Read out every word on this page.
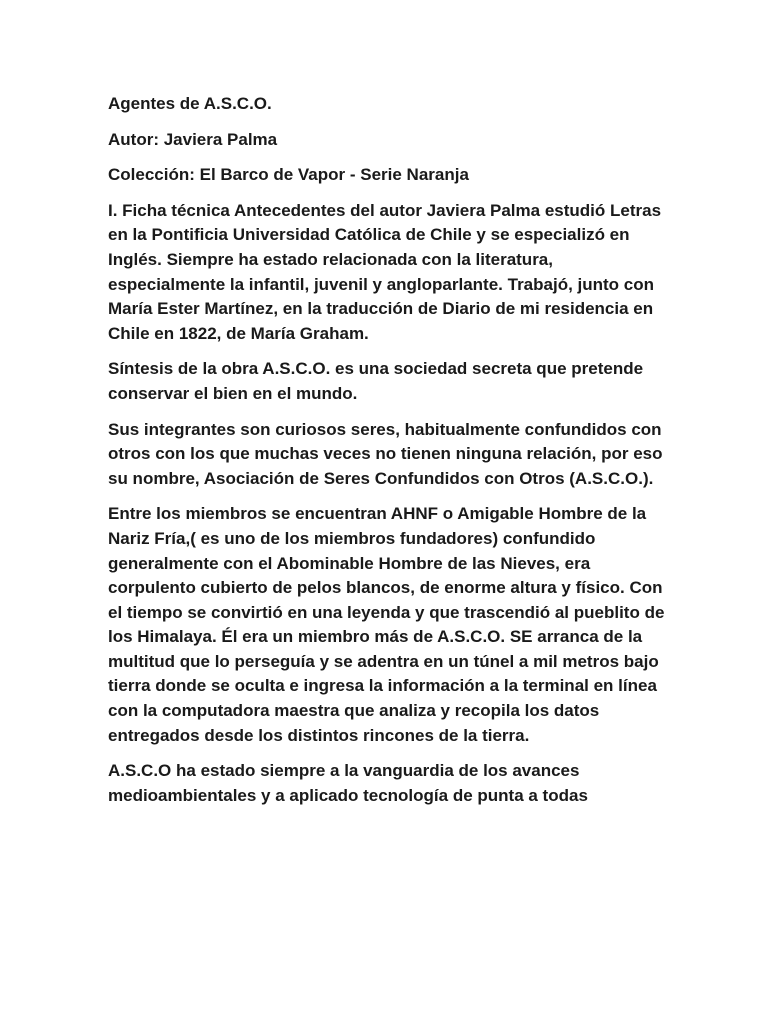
Agentes de A.S.C.O.

Autor: Javiera Palma

Colección: El Barco de Vapor - Serie Naranja

I. Ficha técnica Antecedentes del autor Javiera Palma estudió Letras en la Pontificia Universidad Católica de Chile y se especializó en Inglés. Siempre ha estado relacionada con la literatura, especialmente la infantil, juvenil y angloparlante. Trabajó, junto con María Ester Martínez, en la traducción de Diario de mi residencia en Chile en 1822, de María Graham.

Síntesis de la obra A.S.C.O. es una sociedad secreta que pretende conservar el bien en el mundo.

Sus integrantes son curiosos seres, habitualmente confundidos con otros con los que muchas veces no tienen ninguna relación, por eso su nombre, Asociación de Seres Confundidos con Otros (A.S.C.O.).

Entre los miembros se encuentran AHNF o Amigable Hombre de la Nariz Fría,( es uno de los miembros fundadores) confundido generalmente con el Abominable Hombre de las Nieves, era corpulento cubierto de pelos blancos, de enorme altura y físico. Con el tiempo se convirtió en una leyenda y que trascendió al pueblito de los Himalaya. Él era un miembro más de A.S.C.O. SE arranca de la multitud que lo perseguía y se adentra en un túnel a mil metros bajo tierra donde se oculta e ingresa la información a la terminal en línea con la computadora maestra que analiza y recopila los datos entregados desde los distintos rincones de la tierra.

A.S.C.O ha estado siempre a la vanguardia de los avances medioambientales y a aplicado tecnología de punta a todas
